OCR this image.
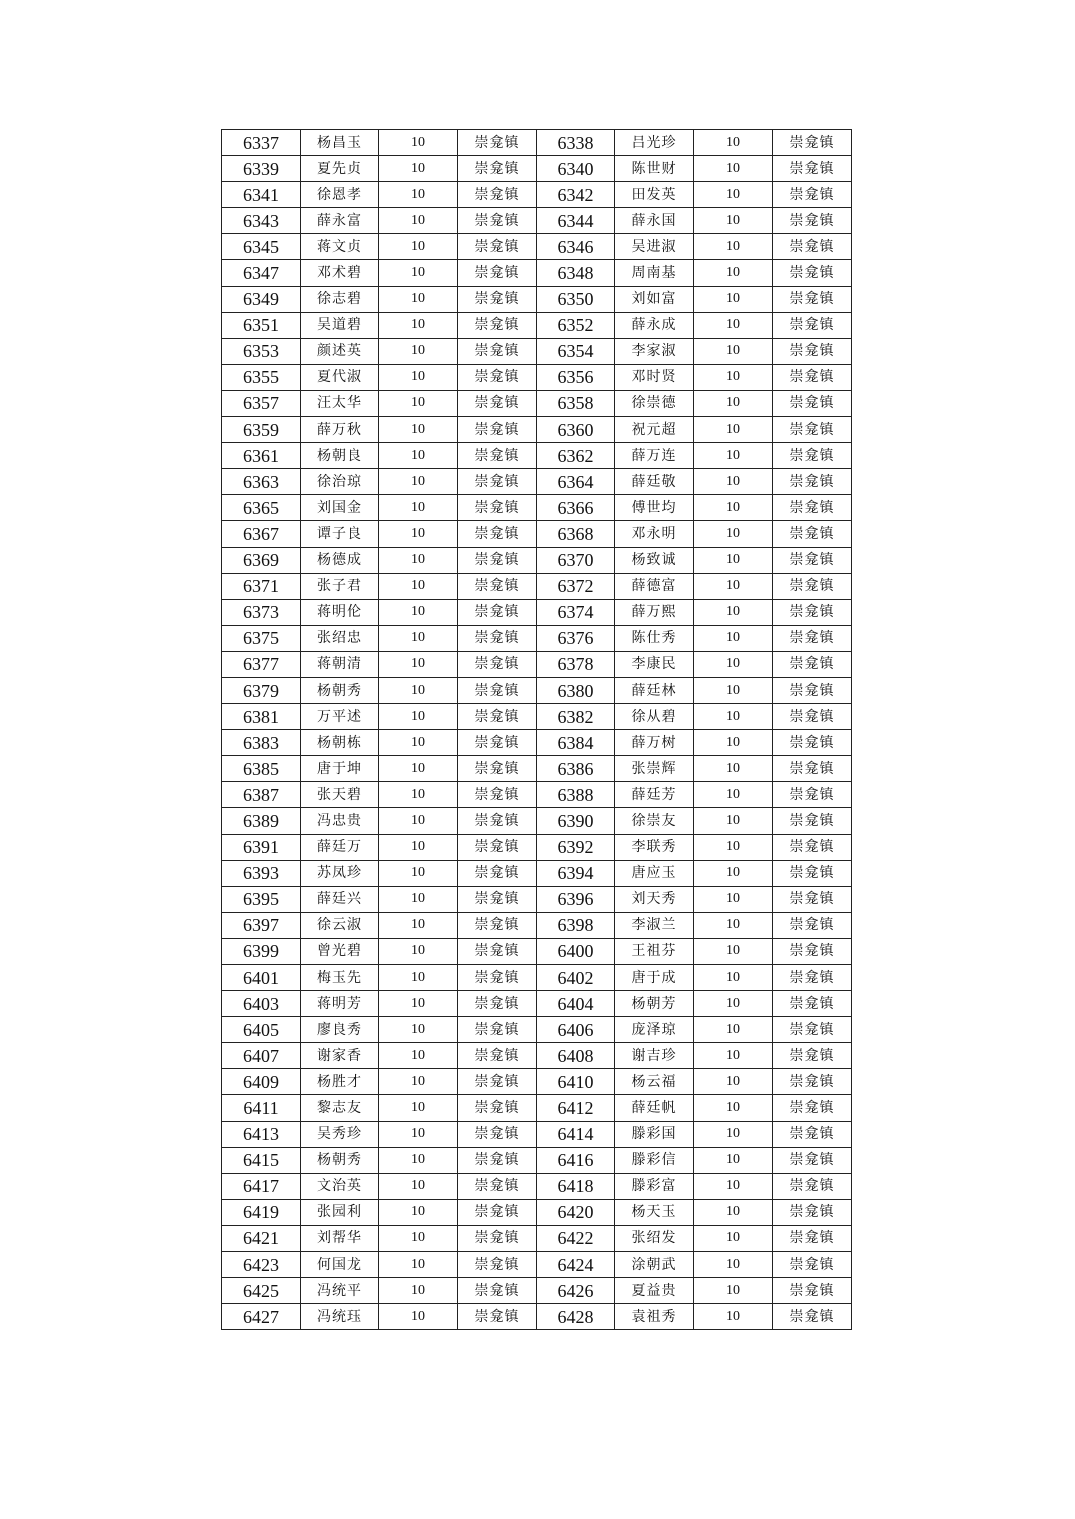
6337	杨昌玉	10	崇龛镇	6338	吕光珍	10	崇龛镇
6339	夏先贞	10	崇龛镇	6340	陈世财	10	崇龛镇
6341	徐恩孝	10	崇龛镇	6342	田发英	10	崇龛镇
6343	薛永富	10	崇龛镇	6344	薛永国	10	崇龛镇
6345	蒋文贞	10	崇龛镇	6346	吴进淑	10	崇龛镇
6347	邓术碧	10	崇龛镇	6348	周南基	10	崇龛镇
6349	徐志碧	10	崇龛镇	6350	刘如富	10	崇龛镇
6351	吴道碧	10	崇龛镇	6352	薛永成	10	崇龛镇
6353	颜述英	10	崇龛镇	6354	李家淑	10	崇龛镇
6355	夏代淑	10	崇龛镇	6356	邓时贤	10	崇龛镇
6357	汪太华	10	崇龛镇	6358	徐崇德	10	崇龛镇
6359	薛万秋	10	崇龛镇	6360	祝元超	10	崇龛镇
6361	杨朝良	10	崇龛镇	6362	薛万连	10	崇龛镇
6363	徐治琼	10	崇龛镇	6364	薛廷敬	10	崇龛镇
6365	刘国金	10	崇龛镇	6366	傅世均	10	崇龛镇
6367	谭子良	10	崇龛镇	6368	邓永明	10	崇龛镇
6369	杨德成	10	崇龛镇	6370	杨致诚	10	崇龛镇
6371	张子君	10	崇龛镇	6372	薛德富	10	崇龛镇
6373	蒋明伦	10	崇龛镇	6374	薛万熙	10	崇龛镇
6375	张绍忠	10	崇龛镇	6376	陈仕秀	10	崇龛镇
6377	蒋朝清	10	崇龛镇	6378	李康民	10	崇龛镇
6379	杨朝秀	10	崇龛镇	6380	薛廷林	10	崇龛镇
6381	万平述	10	崇龛镇	6382	徐从碧	10	崇龛镇
6383	杨朝栋	10	崇龛镇	6384	薛万树	10	崇龛镇
6385	唐于坤	10	崇龛镇	6386	张崇辉	10	崇龛镇
6387	张天碧	10	崇龛镇	6388	薛廷芳	10	崇龛镇
6389	冯忠贵	10	崇龛镇	6390	徐崇友	10	崇龛镇
6391	薛廷万	10	崇龛镇	6392	李联秀	10	崇龛镇
6393	苏凤珍	10	崇龛镇	6394	唐应玉	10	崇龛镇
6395	薛廷兴	10	崇龛镇	6396	刘天秀	10	崇龛镇
6397	徐云淑	10	崇龛镇	6398	李淑兰	10	崇龛镇
6399	曾光碧	10	崇龛镇	6400	王祖芬	10	崇龛镇
6401	梅玉先	10	崇龛镇	6402	唐于成	10	崇龛镇
6403	蒋明芳	10	崇龛镇	6404	杨朝芳	10	崇龛镇
6405	廖良秀	10	崇龛镇	6406	庞泽琼	10	崇龛镇
6407	谢家香	10	崇龛镇	6408	谢吉珍	10	崇龛镇
6409	杨胜才	10	崇龛镇	6410	杨云福	10	崇龛镇
6411	黎志友	10	崇龛镇	6412	薛廷帆	10	崇龛镇
6413	吴秀珍	10	崇龛镇	6414	滕彩国	10	崇龛镇
6415	杨朝秀	10	崇龛镇	6416	滕彩信	10	崇龛镇
6417	文治英	10	崇龛镇	6418	滕彩富	10	崇龛镇
6419	张园利	10	崇龛镇	6420	杨天玉	10	崇龛镇
6421	刘帮华	10	崇龛镇	6422	张绍发	10	崇龛镇
6423	何国龙	10	崇龛镇	6424	涂朝武	10	崇龛镇
6425	冯统平	10	崇龛镇	6426	夏益贵	10	崇龛镇
6427	冯统珏	10	崇龛镇	6428	袁祖秀	10	崇龛镇
